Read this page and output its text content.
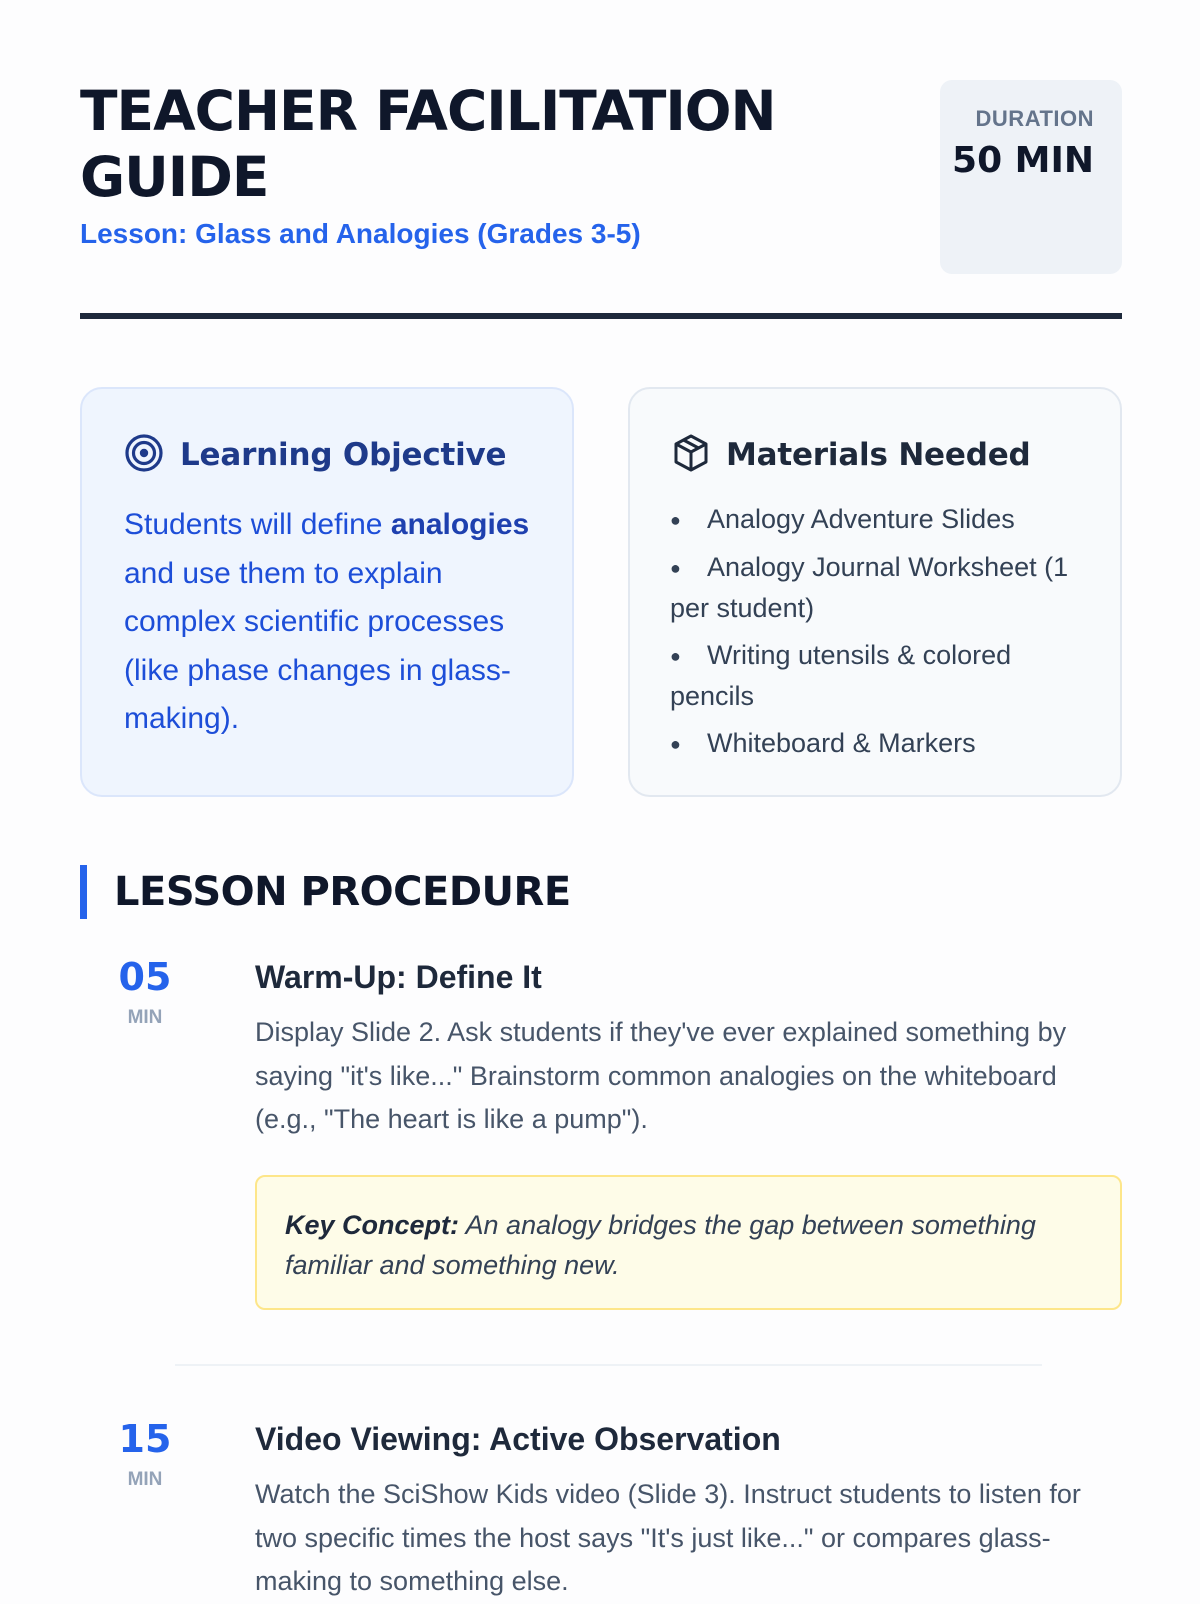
TEACHER FACILITATION GUIDE
Lesson: Glass and Analogies (Grades 3-5)
DURATION
50 MIN
Learning Objective
Students will define analogies and use them to explain complex scientific processes (like phase changes in glass-making).
Materials Needed
● Analogy Adventure Slides
● Analogy Journal Worksheet (1 per student)
● Writing utensils & colored pencils
● Whiteboard & Markers
LESSON PROCEDURE
05
MIN
Warm-Up: Define It
Display Slide 2. Ask students if they've ever explained something by saying "it's like..." Brainstorm common analogies on the whiteboard (e.g., "The heart is like a pump").
Key Concept: An analogy bridges the gap between something familiar and something new.
15
MIN
Video Viewing: Active Observation
Watch the SciShow Kids video (Slide 3). Instruct students to listen for two specific times the host says "It's just like..." or compares glass-making to something else.
